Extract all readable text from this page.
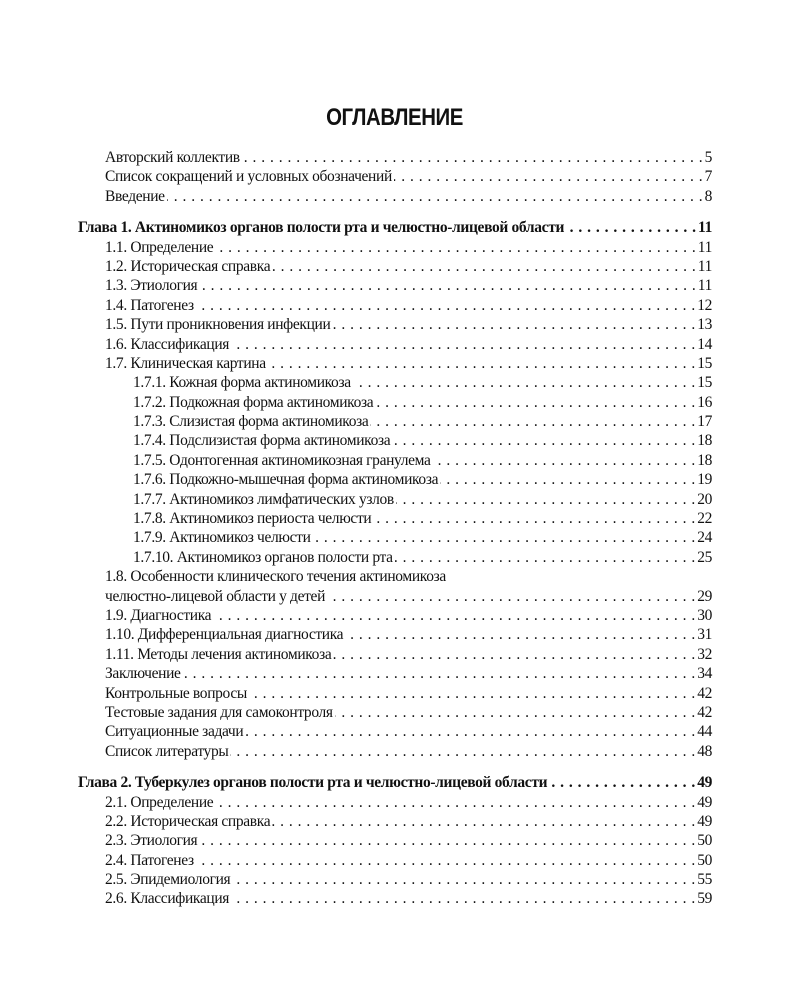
ОГЛАВЛЕНИЕ
Авторский коллектив . . .	5
Список сокращений и условных обозначений . . .	7
Введение . . .	8
Глава 1. Актиномикоз органов полости рта и челюстно-лицевой области . . .	11
1.1. Определение . . .	11
1.2. Историческая справка . . .	11
1.3. Этиология . . .	11
1.4. Патогенез . . .	12
1.5. Пути проникновения инфекции . . .	13
1.6. Классификация . . .	14
1.7. Клиническая картина . . .	15
1.7.1. Кожная форма актиномикоза . . .	15
1.7.2. Подкожная форма актиномикоза . . .	16
1.7.3. Слизистая форма актиномикоза . . .	17
1.7.4. Подслизистая форма актиномикоза . . .	18
1.7.5. Одонтогенная актиномикозная гранулема . . .	18
1.7.6. Подкожно-мышечная форма актиномикоза . . .	19
1.7.7. Актиномикоз лимфатических узлов . . .	20
1.7.8. Актиномикоз периоста челюсти . . .	22
1.7.9. Актиномикоз челюсти . . .	24
1.7.10. Актиномикоз органов полости рта . . .	25
1.8. Особенности клинического течения актиномикоза
челюстно-лицевой области у детей . . .	29
1.9. Диагностика . . .	30
1.10. Дифференциальная диагностика . . .	31
1.11. Методы лечения актиномикоза . . .	32
Заключение . . .	34
Контрольные вопросы . . .	42
Тестовые задания для самоконтроля . . .	42
Ситуационные задачи . . .	44
Список литературы . . .	48
Глава 2. Туберкулез органов полости рта и челюстно-лицевой области . . .	49
2.1. Определение . . .	49
2.2. Историческая справка . . .	49
2.3. Этиология . . .	50
2.4. Патогенез . . .	50
2.5. Эпидемиология . . .	55
2.6. Классификация . . .	59
